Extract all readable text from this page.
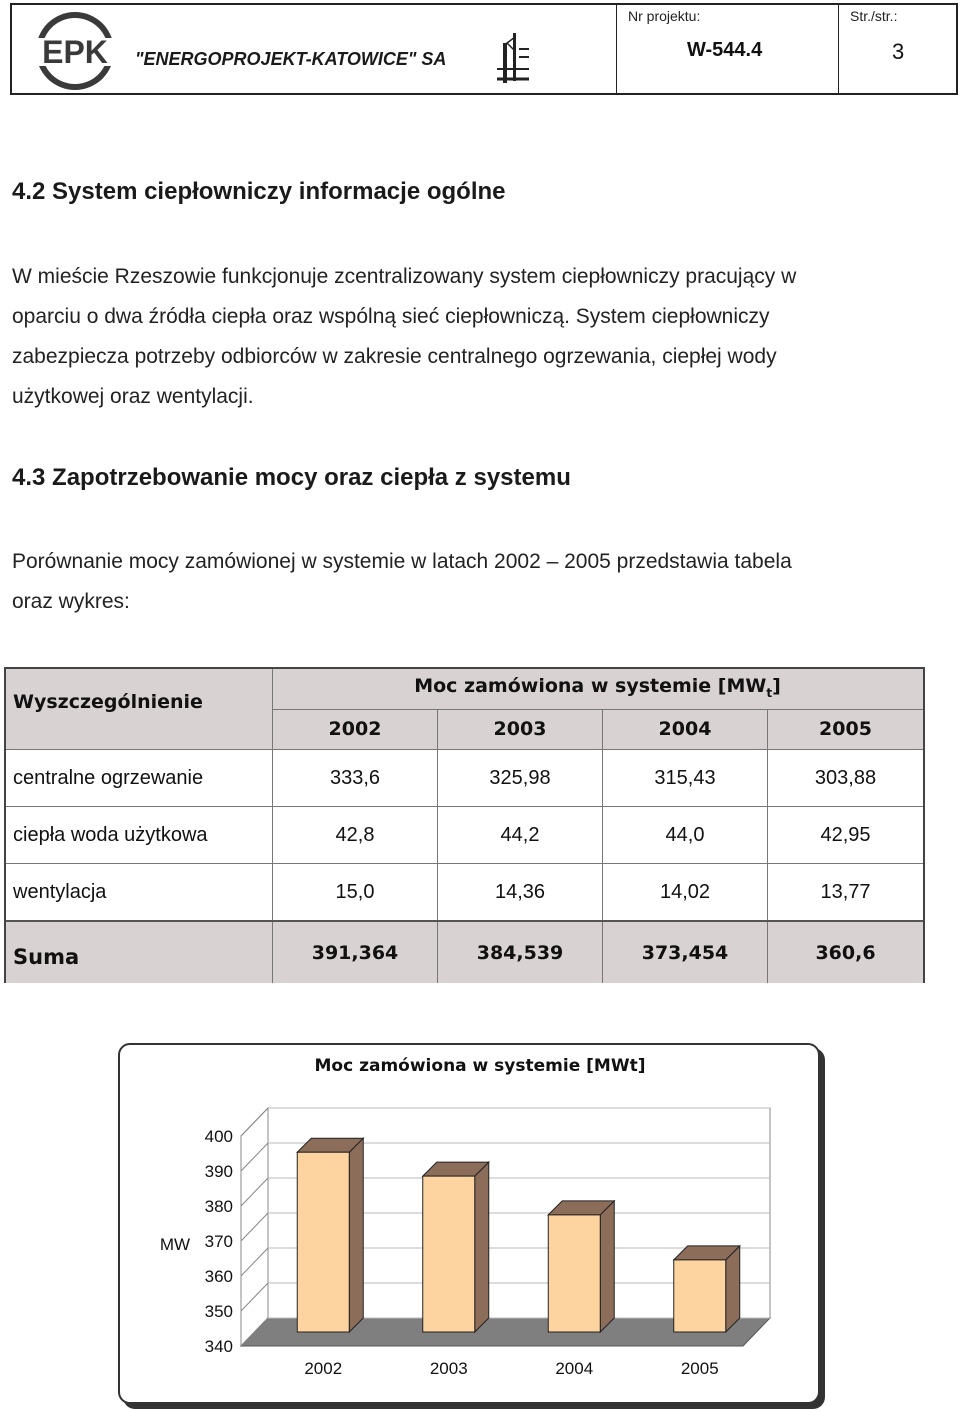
EPK "ENERGOPROJEKT-KATOWICE" SA
Nr projektu:
W-544.4
Str./str.:
3
4.2 System ciepłowniczy informacje ogólne
W mieście Rzeszowie funkcjonuje zcentralizowany system ciepłowniczy pracujący w
oparciu o dwa źródła ciepła oraz wspólną sieć ciepłowniczą. System ciepłowniczy
zabezpiecza potrzeby odbiorców w zakresie centralnego ogrzewania, ciepłej wody
użytkowej oraz wentylacji.
4.3 Zapotrzebowanie mocy oraz ciepła z systemu
Porównanie mocy zamówionej w systemie w latach 2002 – 2005 przedstawia tabela
oraz wykres:
Wyszczególnienie
Moc zamówiona w systemie $[MW_t]$
2002	2003	2004	2005
centralne ogrzewanie	333,6	325,98	315,43	303,88
ciepła woda użytkowa	42,8	44,2	44,0	42,95
wentylacja	15,0	14,36	14,02	13,77
Suma	391,364	384,539	373,454	360,6
Moc zamówiona w systemie [MWt]
400
390
380
370
360
350
340
MW
2002	2003	2004	2005
